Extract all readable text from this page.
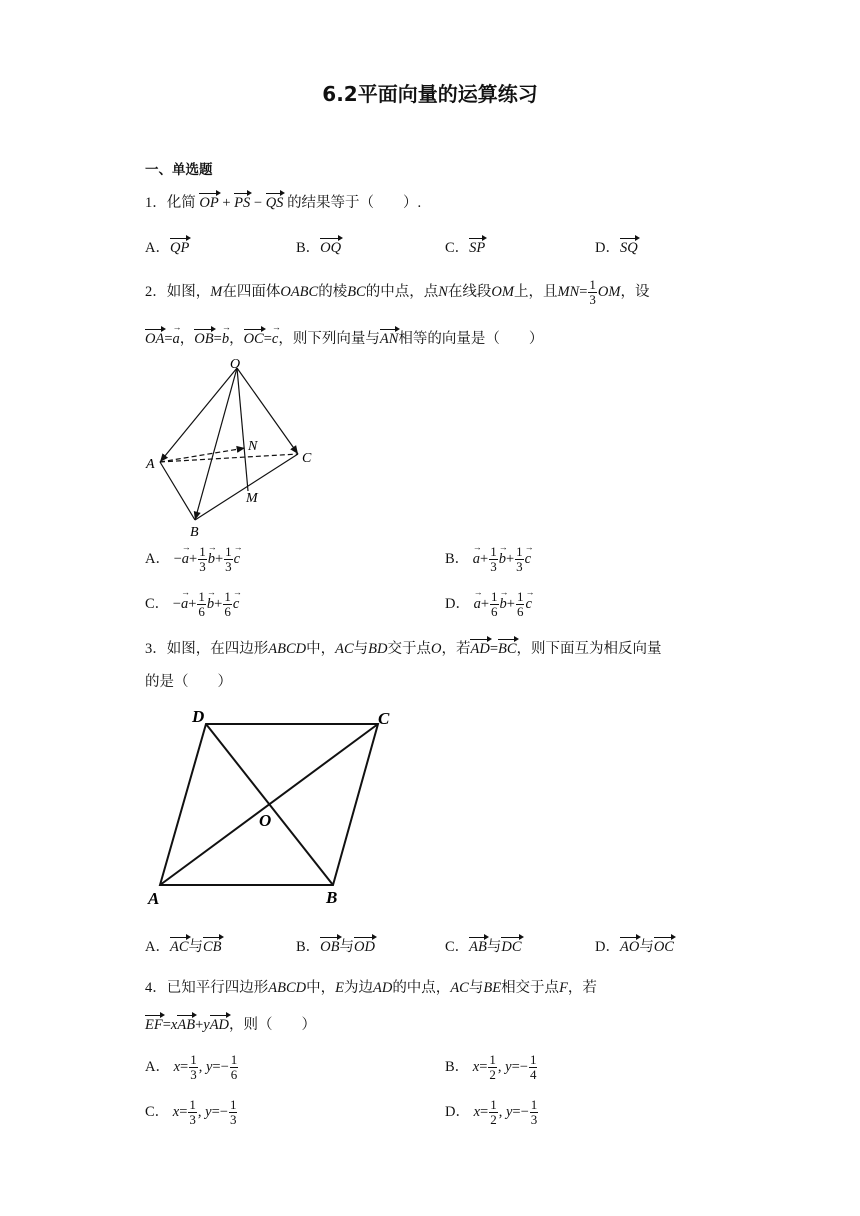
6.2平面向量的运算练习
一、单选题
1．化简 OP + PS − QS 的结果等于（　　）.
A．QP	B．OQ	C．SP	D．SQ
2．如图，M在四面体OABC的棱BC的中点，点N在线段OM上，且$MN= \frac{1}{3}$ OM，设
OA=→ a，OB=→ b，OC=→ c，则下列向量与AN相等的向量是（　　）
O
A
B
C
N
M
A． −→ $a+ \frac{1}{3}$
→ $b+ \frac{1}{3}$
→ c	B． → $a+ \frac{1}{3}$
→ $b+ \frac{1}{3}$
→ c
C． −→ $a+ \frac{1}{6}$
→ $b+ \frac{1}{6}$
→ c	D． → $a+ \frac{1}{6}$
→ $b+ \frac{1}{6}$
→ c
3．如图，在四边形ABCD中，AC与BD交于点O，若AD=BC，则下面互为相反向量
的是（　　）
D	C
O
A	B
A．AC与CB	B．OB与OD	C．AB与DC	D．AO与OC
4．已知平行四边形ABCD中，E为边AD的中点，AC与BE相交于点F，若
EF=xAB+yAD，则（　　）
A． $x= \frac{1}{3}$ , $y=- \frac{1}{6}$	B． $x= \frac{1}{2}$ , $y=- \frac{1}{4}$
C． $x= \frac{1}{3}$ , $y=- \frac{1}{3}$	D． $x= \frac{1}{2}$ , $y=- \frac{1}{3}$
